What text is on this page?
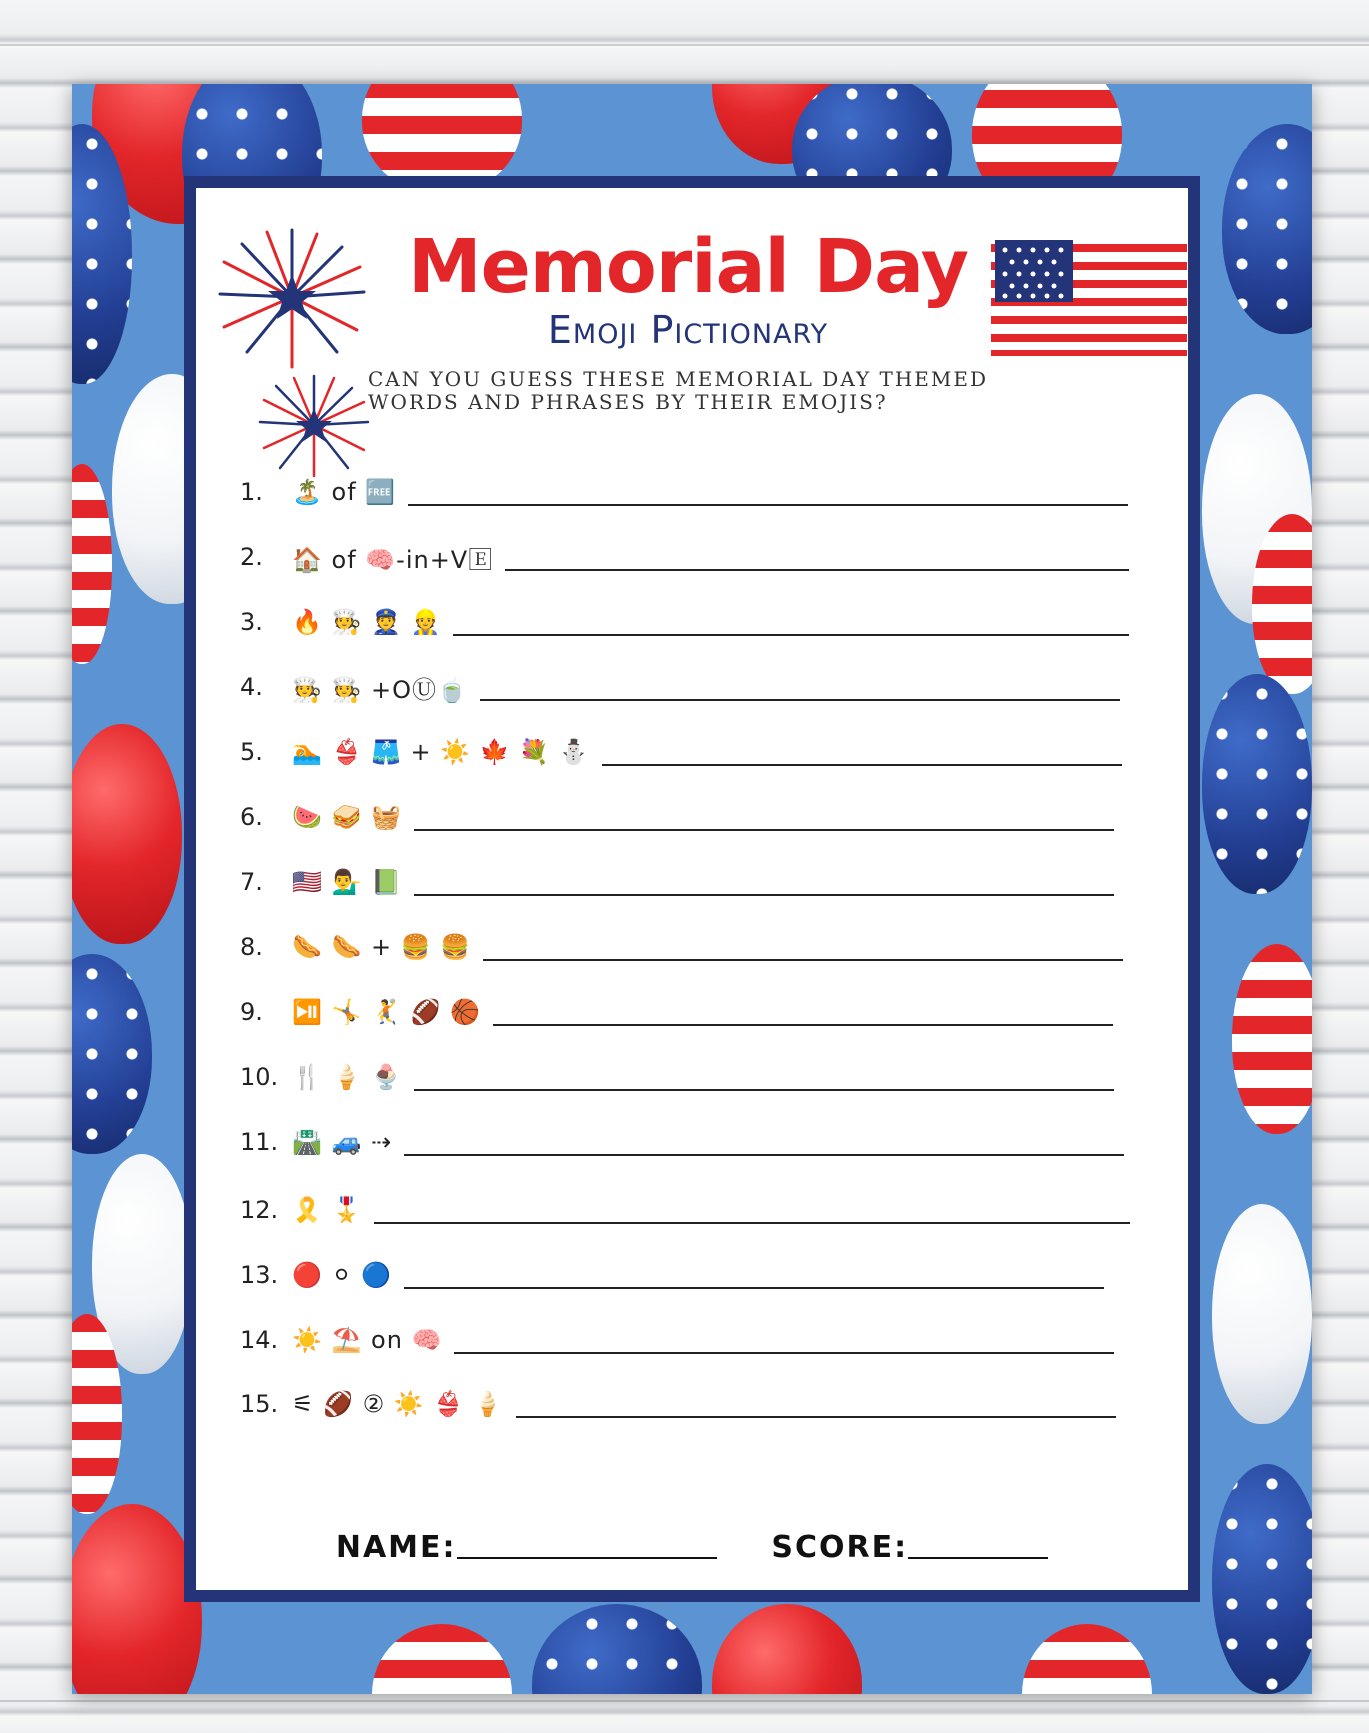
Memorial Day
Emoji Pictionary
CAN YOU GUESS THESE MEMORIAL DAY THEMED WORDS AND PHRASES BY THEIR EMOJIS?
1.	🏝️ of 🆓
2.	🏠 of 🧠-in+V🄴
3.	🔥 🧑‍🍳 👮 👷
4.	🧑‍🍳 🧑‍🍳 +OⓊ🍵
5.	🏊 👙 🩳 + ☀️ 🍁 💐 ⛄
6.	🍉 🥪 🧺
7.	🇺🇸 💁‍♂️ 📗
8.	🌭 🌭 + 🍔 🍔
9.	⏯️ 🤸 🤾 🏈 🏀
10. 🍴 🍦 🍨
11. 🛣️ 🚙 ⇢
12. 🎗️ 🎖️
13. 🔴 ⚪ 🔵
14. ☀️ ⛱️ on 🧠
15. ⚟ 🏈 ② ☀️ 👙 🍦
NAME:	SCORE:
